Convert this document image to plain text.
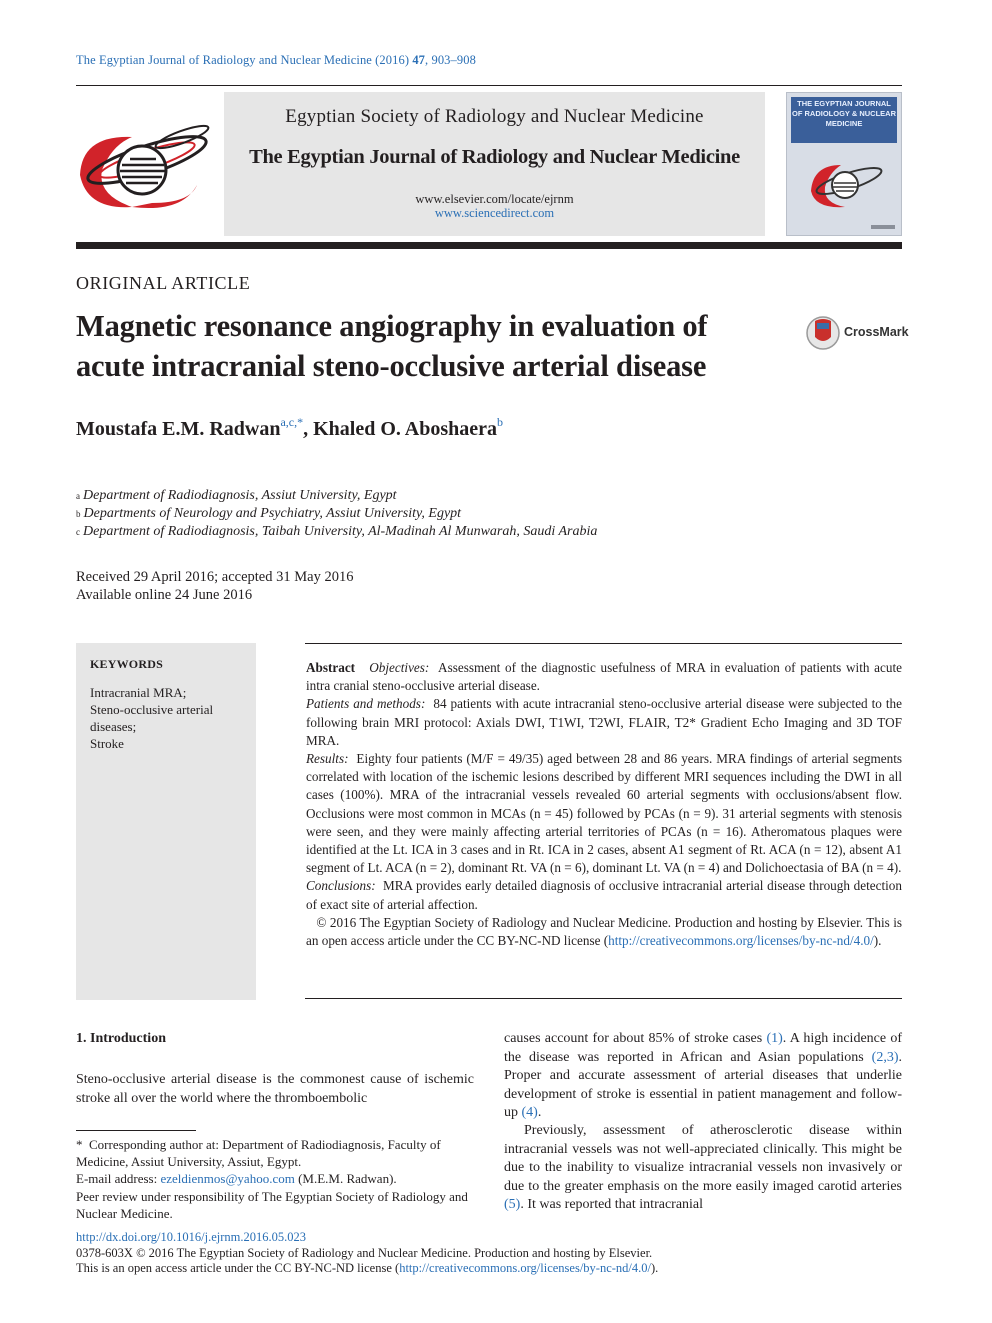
The Egyptian Journal of Radiology and Nuclear Medicine (2016) 47, 903–908
Egyptian Society of Radiology and Nuclear Medicine
The Egyptian Journal of Radiology and Nuclear Medicine
www.elsevier.com/locate/ejrnm
www.sciencedirect.com
THE EGYPTIAN JOURNAL OF RADIOLOGY & NUCLEAR MEDICINE
ORIGINAL ARTICLE
Magnetic resonance angiography in evaluation of
acute intracranial steno-occlusive arterial disease
CrossMark
Moustafa E.M. Radwan$^{a,c,*}$, Khaled O. Aboshaera$^b$
$^a$ Department of Radiodiagnosis, Assiut University, Egypt
$^b$ Departments of Neurology and Psychiatry, Assiut University, Egypt
$^c$ Department of Radiodiagnosis, Taibah University, Al-Madinah Al Munwarah, Saudi Arabia
Received 29 April 2016; accepted 31 May 2016
Available online 24 June 2016
KEYWORDS
Intracranial MRA;
Steno-occlusive arterial
diseases;
Stroke

Abstract Objectives: Assessment of the diagnostic usefulness of MRA in evaluation of patients with acute intra cranial steno-occlusive arterial disease.

Patients and methods: 84 patients with acute intracranial steno-occlusive arterial disease were subjected to the following brain MRI protocol: Axials DWI, T1WI, T2WI, FLAIR, T2* Gradient Echo Imaging and 3D TOF MRA.

Results: Eighty four patients (M/F = 49/35) aged between 28 and 86 years. MRA findings of arterial segments correlated with location of the ischemic lesions described by different MRI sequences including the DWI in all cases (100%). MRA of the intracranial vessels revealed 60 arterial segments with occlusions/absent flow. Occlusions were most common in MCAs (n = 45) followed by PCAs (n = 9). 31 arterial segments with stenosis were seen, and they were mainly affecting arterial territories of PCAs (n = 16). Atheromatous plaques were identified at the Lt. ICA in 3 cases and in Rt. ICA in 2 cases, absent A1 segment of Rt. ACA (n = 12), absent A1 segment of Lt. ACA (n = 2), dominant Rt. VA (n = 6), dominant Lt. VA (n = 4) and Dolichoectasia of BA (n = 4).

Conclusions: MRA provides early detailed diagnosis of occlusive intracranial arterial disease through detection of exact site of arterial affection.

© 2016 The Egyptian Society of Radiology and Nuclear Medicine. Production and hosting by Elsevier. This is an open access article under the CC BY-NC-ND license (http://creativecommons.org/licenses/by-nc-nd/4.0/).

1. Introduction
Steno-occlusive arterial disease is the commonest cause of ischemic stroke all over the world where the thromboembolic
causes account for about 85% of stroke cases (1). A high incidence of the disease was reported in African and Asian populations (2,3). Proper and accurate assessment of arterial diseases that underlie development of stroke is essential in patient management and follow-up (4).
Previously, assessment of atherosclerotic disease within intracranial vessels was not well-appreciated clinically. This might be due to the inability to visualize intracranial vessels non invasively or due to the greater emphasis on the more easily imaged carotid arteries (5). It was reported that intracranial
*  Corresponding author at: Department of Radiodiagnosis, Faculty of Medicine, Assiut University, Assiut, Egypt.
E-mail address: ezeldienmos@yahoo.com (M.E.M. Radwan).
Peer review under responsibility of The Egyptian Society of Radiology and Nuclear Medicine.
http://dx.doi.org/10.1016/j.ejrnm.2016.05.023
0378-603X © 2016 The Egyptian Society of Radiology and Nuclear Medicine. Production and hosting by Elsevier.
This is an open access article under the CC BY-NC-ND license (http://creativecommons.org/licenses/by-nc-nd/4.0/).
